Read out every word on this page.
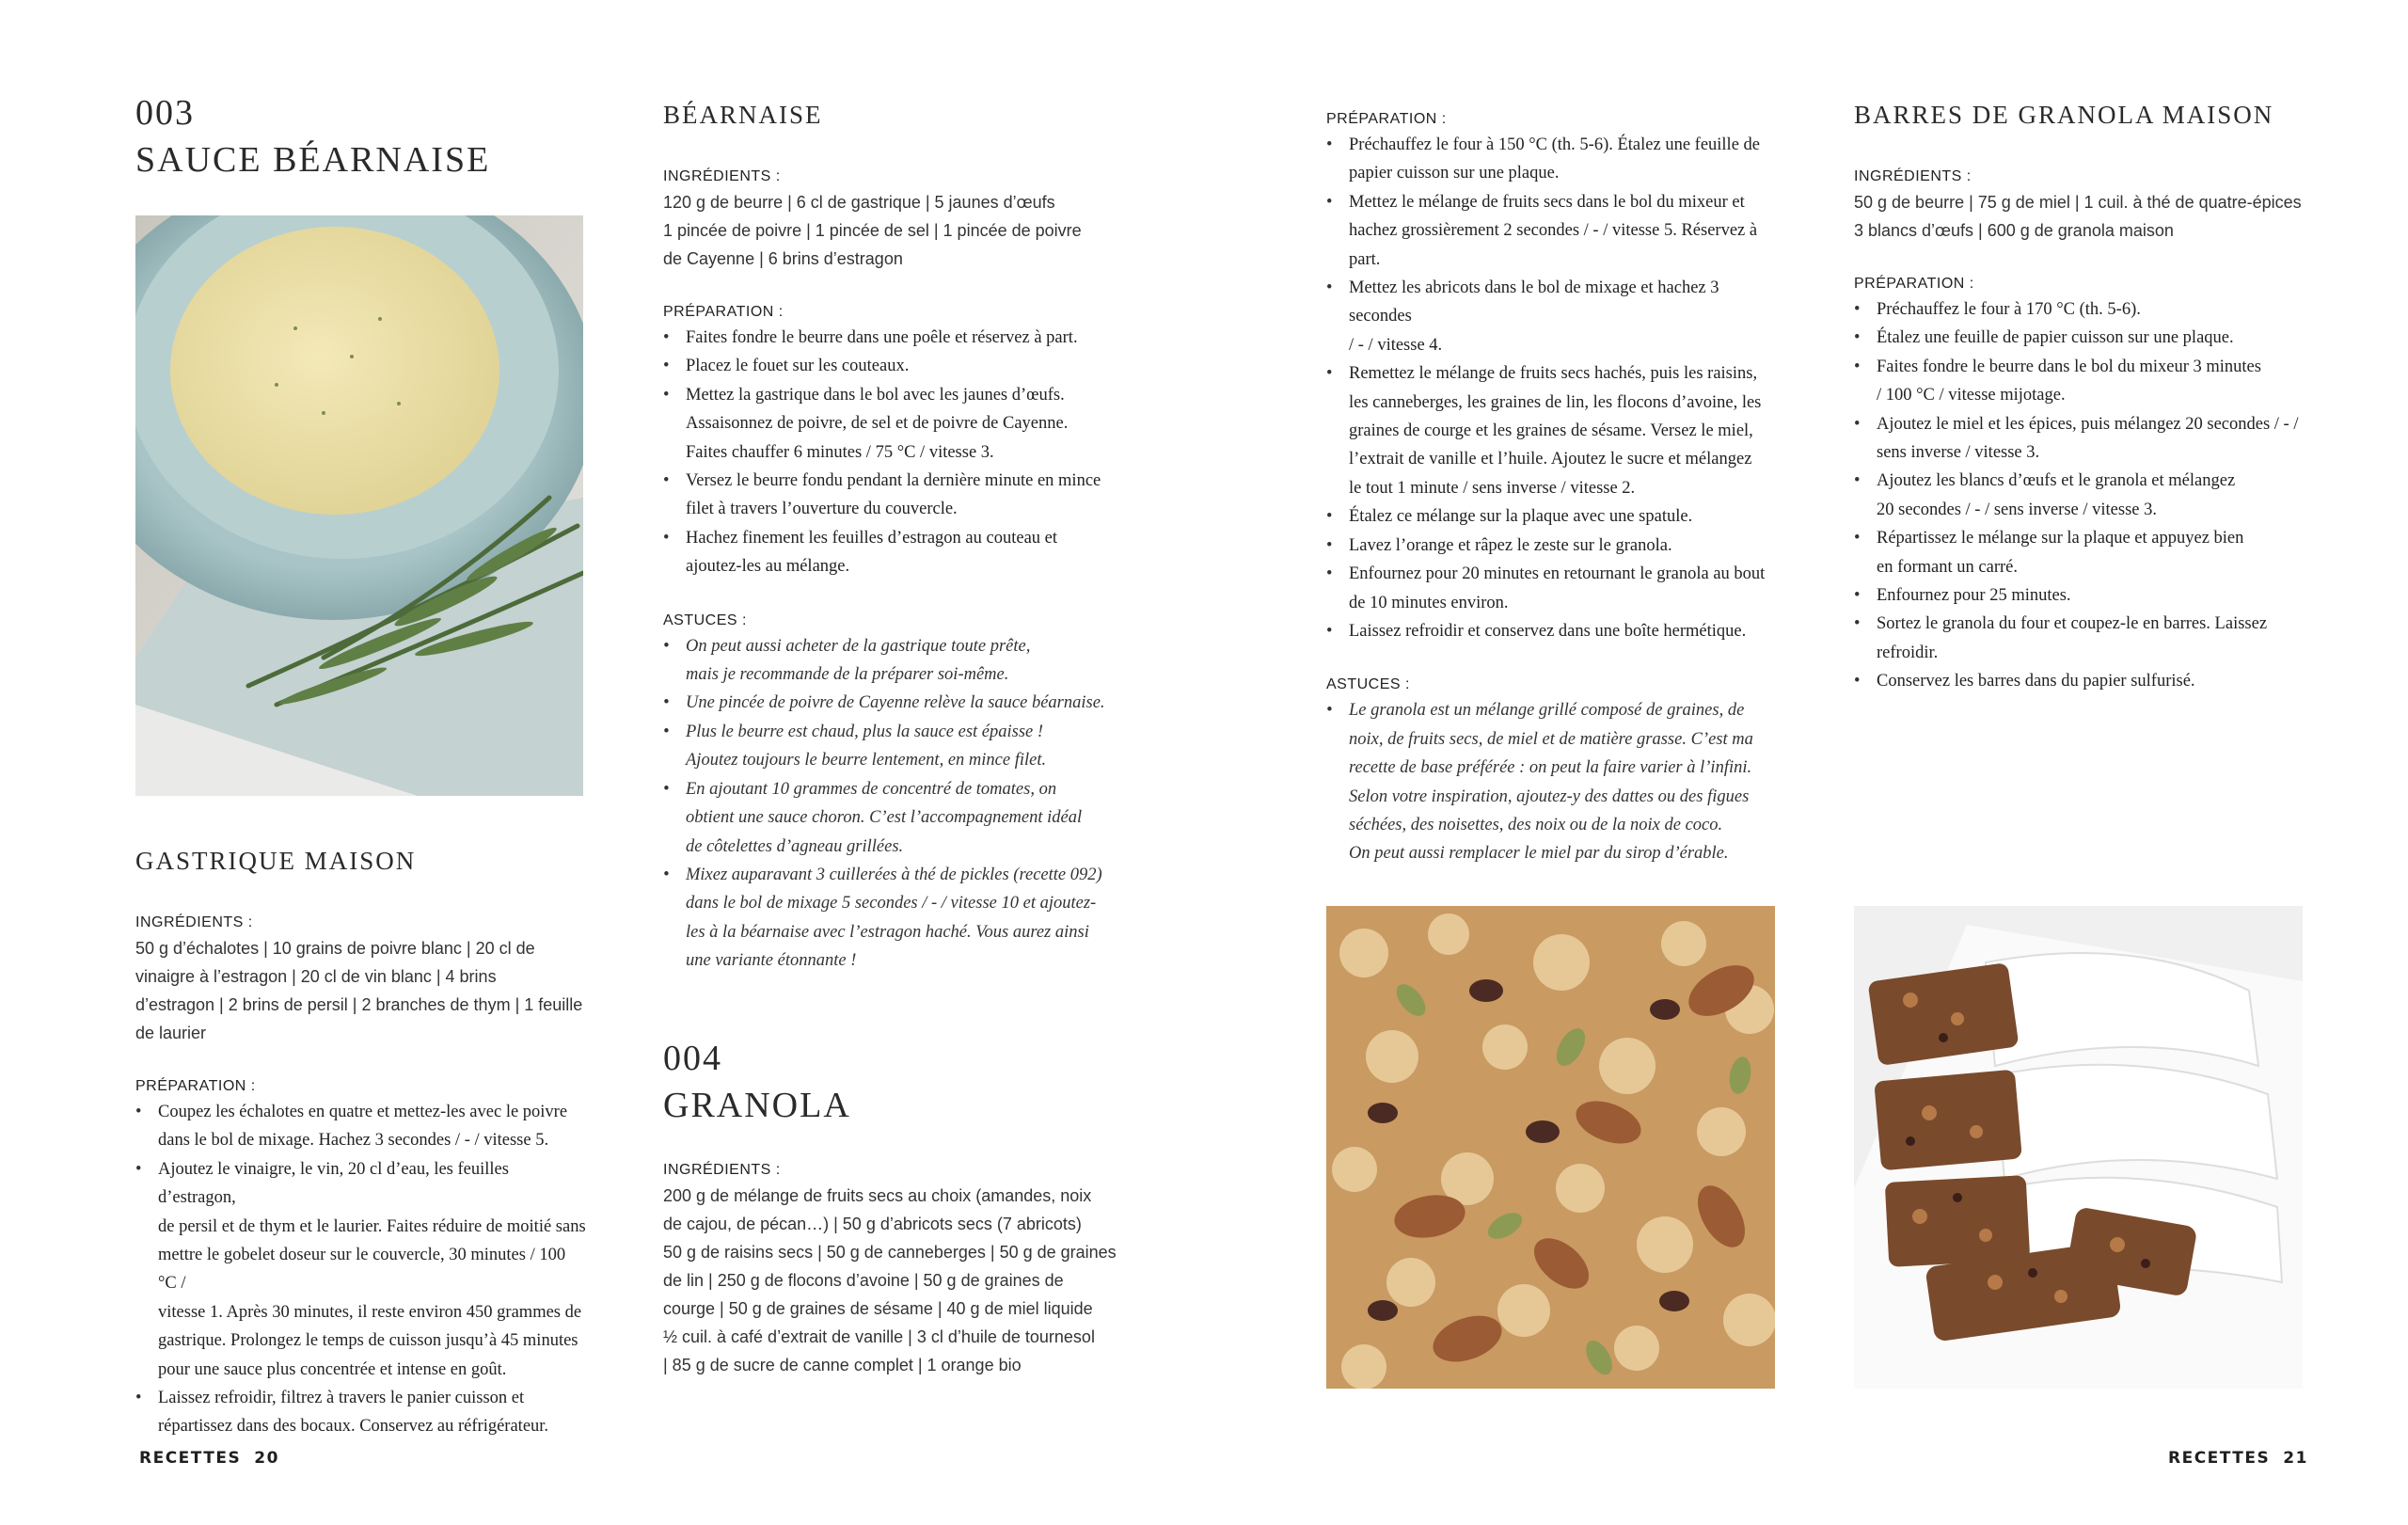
003
SAUCE BÉARNAISE
GASTRIQUE MAISON

INGRÉDIENTS :

50 g d’échalotes | 10 grains de poivre blanc | 20 cl de

vinaigre à l’estragon | 20 cl de vin blanc | 4 brins

d’estragon | 2 brins de persil | 2 branches de thym | 1 feuille

de laurier

PRÉPARATION :

• Coupez les échalotes en quatre et mettez-les avec le poivre
dans le bol de mixage. Hachez 3 secondes / - / vitesse 5.
• Ajoutez le vinaigre, le vin, 20 cl d’eau, les feuilles d’estragon,
de persil et de thym et le laurier. Faites réduire de moitié sans
mettre le gobelet doseur sur le couvercle, 30 minutes / 100 °C /
vitesse 1. Après 30 minutes, il reste environ 450 grammes de
gastrique. Prolongez le temps de cuisson jusqu’à 45 minutes
pour une sauce plus concentrée et intense en goût.
• Laissez refroidir, filtrez à travers le panier cuisson et
répartissez dans des bocaux. Conservez au réfrigérateur.
RECETTES 20
BÉARNAISE

INGRÉDIENTS :

120 g de beurre | 6 cl de gastrique | 5 jaunes d’œufs

1 pincée de poivre | 1 pincée de sel | 1 pincée de poivre

de Cayenne | 6 brins d’estragon

PRÉPARATION :

• Faites fondre le beurre dans une poêle et réservez à part.
• Placez le fouet sur les couteaux.
• Mettez la gastrique dans le bol avec les jaunes d’œufs.
Assaisonnez de poivre, de sel et de poivre de Cayenne.
Faites chauffer 6 minutes / 75 °C / vitesse 3.
• Versez le beurre fondu pendant la dernière minute en mince
filet à travers l’ouverture du couvercle.
• Hachez finement les feuilles d’estragon au couteau et
ajoutez-les au mélange.

ASTUCES :

• On peut aussi acheter de la gastrique toute prête,
mais je recommande de la préparer soi-même.
• Une pincée de poivre de Cayenne relève la sauce béarnaise.
• Plus le beurre est chaud, plus la sauce est épaisse !
Ajoutez toujours le beurre lentement, en mince filet.
• En ajoutant 10 grammes de concentré de tomates, on
obtient une sauce choron. C’est l’accompagnement idéal
de côtelettes d’agneau grillées.
• Mixez auparavant 3 cuillerées à thé de pickles (recette 092)
dans le bol de mixage 5 secondes / - / vitesse 10 et ajoutez-
les à la béarnaise avec l’estragon haché. Vous aurez ainsi
une variante étonnante !
004
GRANOLA

INGRÉDIENTS :

200 g de mélange de fruits secs au choix (amandes, noix

de cajou, de pécan…) | 50 g d’abricots secs (7 abricots)

50 g de raisins secs | 50 g de canneberges | 50 g de graines

de lin | 250 g de flocons d’avoine | 50 g de graines de

courge | 50 g de graines de sésame | 40 g de miel liquide

½ cuil. à café d’extrait de vanille | 3 cl d’huile de tournesol

| 85 g de sucre de canne complet | 1 orange bio

PRÉPARATION :

• Préchauffez le four à 150 °C (th. 5-6). Étalez une feuille de
papier cuisson sur une plaque.
• Mettez le mélange de fruits secs dans le bol du mixeur et
hachez grossièrement 2 secondes / - / vitesse 5. Réservez à part.
• Mettez les abricots dans le bol de mixage et hachez 3 secondes
/ - / vitesse 4.
• Remettez le mélange de fruits secs hachés, puis les raisins,
les canneberges, les graines de lin, les flocons d’avoine, les
graines de courge et les graines de sésame. Versez le miel,
l’extrait de vanille et l’huile. Ajoutez le sucre et mélangez
le tout 1 minute / sens inverse / vitesse 2.
• Étalez ce mélange sur la plaque avec une spatule.
• Lavez l’orange et râpez le zeste sur le granola.
• Enfournez pour 20 minutes en retournant le granola au bout
de 10 minutes environ.
• Laissez refroidir et conservez dans une boîte hermétique.

ASTUCES :

• Le granola est un mélange grillé composé de graines, de
noix, de fruits secs, de miel et de matière grasse. C’est ma
recette de base préférée : on peut la faire varier à l’infini.
Selon votre inspiration, ajoutez-y des dattes ou des figues
séchées, des noisettes, des noix ou de la noix de coco.
On peut aussi remplacer le miel par du sirop d’érable.
BARRES DE GRANOLA MAISON

INGRÉDIENTS :

50 g de beurre | 75 g de miel | 1 cuil. à thé de quatre-épices

3 blancs d’œufs | 600 g de granola maison

PRÉPARATION :

• Préchauffez le four à 170 °C (th. 5-6).
• Étalez une feuille de papier cuisson sur une plaque.
• Faites fondre le beurre dans le bol du mixeur 3 minutes
/ 100 °C / vitesse mijotage.
• Ajoutez le miel et les épices, puis mélangez 20 secondes / - /
sens inverse / vitesse 3.
• Ajoutez les blancs d’œufs et le granola et mélangez
20 secondes / - / sens inverse / vitesse 3.
• Répartissez le mélange sur la plaque et appuyez bien
en formant un carré.
• Enfournez pour 25 minutes.
• Sortez le granola du four et coupez-le en barres. Laissez
refroidir.
• Conservez les barres dans du papier sulfurisé.
RECETTES 21
